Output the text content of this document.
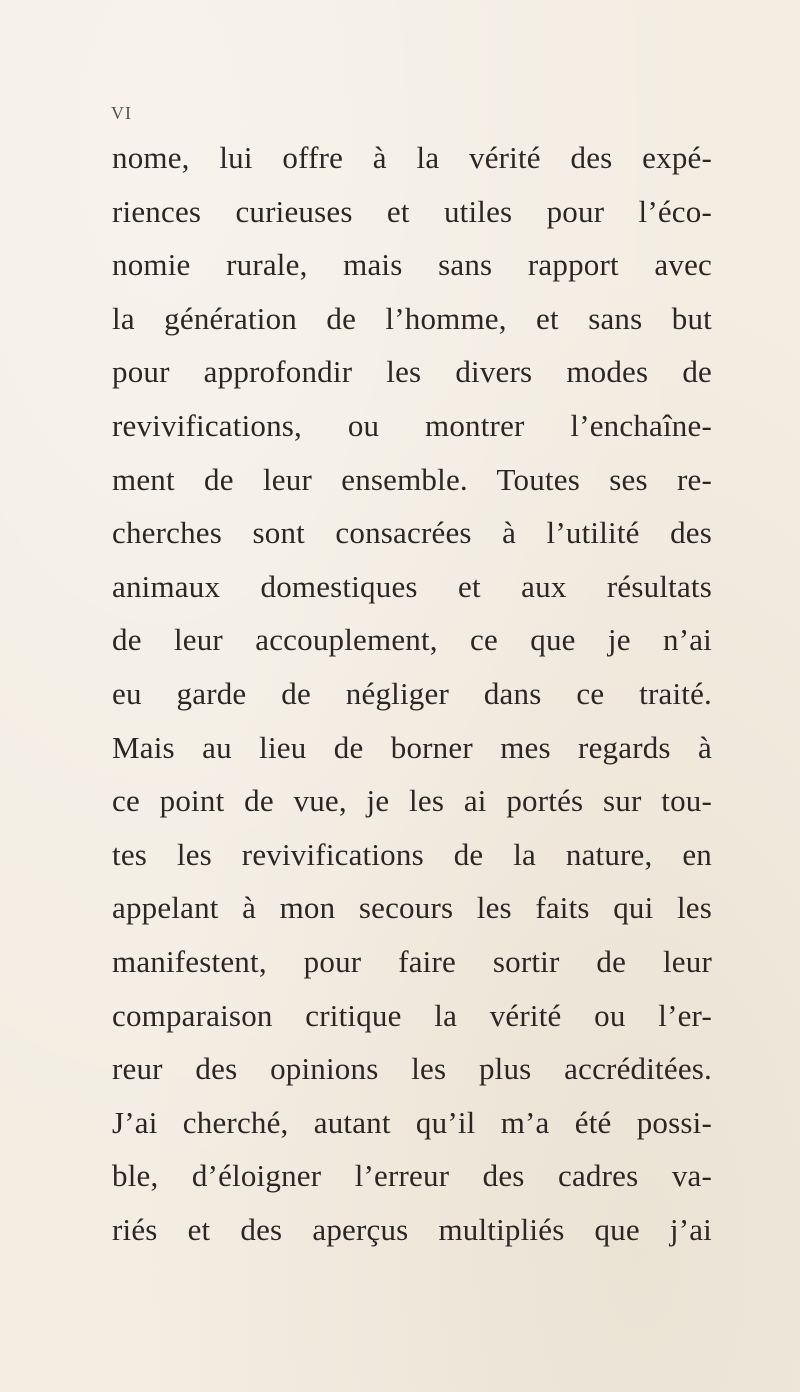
VI
nome, lui offre à la vérité des expé-
riences curieuses et utiles pour l’éco-
nomie rurale, mais sans rapport avec
la génération de l’homme, et sans but
pour approfondir les divers modes de
revivifications, ou montrer l’enchaîne-
ment de leur ensemble. Toutes ses re-
cherches sont consacrées à l’utilité des
animaux domestiques et aux résultats
de leur accouplement, ce que je n’ai
eu garde de négliger dans ce traité.
Mais au lieu de borner mes regards à
ce point de vue, je les ai portés sur tou-
tes les revivifications de la nature, en
appelant à mon secours les faits qui les
manifestent, pour faire sortir de leur
comparaison critique la vérité ou l’er-
reur des opinions les plus accréditées.
J’ai cherché, autant qu’il m’a été possi-
ble, d’éloigner l’erreur des cadres va-
riés et des aperçus multipliés que j’ai
